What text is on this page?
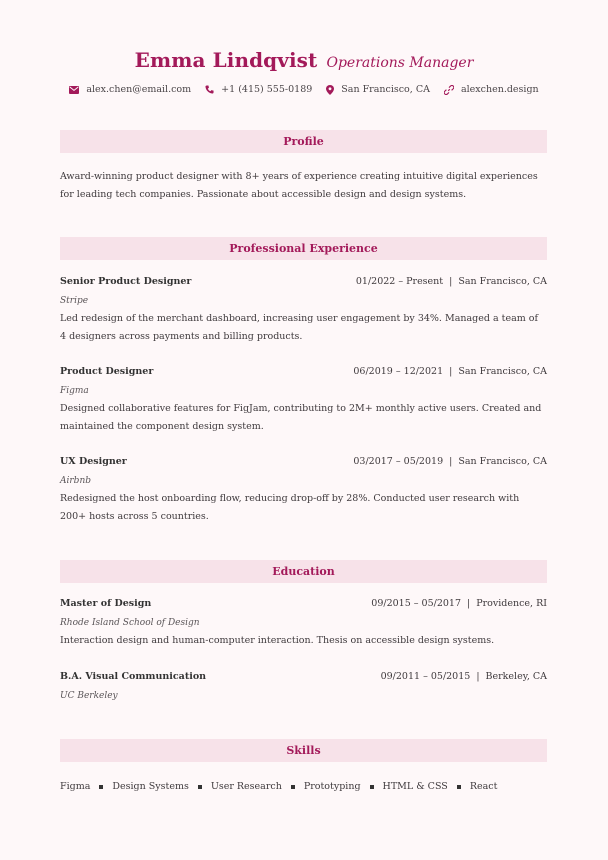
Emma Lindqvist Operations Manager
alex.chen@email.com	+1 (415) 555-0189	San Francisco, CA	alexchen.design
Profile
Award-winning product designer with 8+ years of experience creating intuitive digital experiences for leading tech companies. Passionate about accessible design and design systems.
Professional Experience
Senior Product Designer	01/2022 – Present | San Francisco, CA
Stripe
Led redesign of the merchant dashboard, increasing user engagement by 34%. Managed a team of 4 designers across payments and billing products.
Product Designer	06/2019 – 12/2021 | San Francisco, CA
Figma
Designed collaborative features for FigJam, contributing to 2M+ monthly active users. Created and maintained the component design system.
UX Designer	03/2017 – 05/2019 | San Francisco, CA
Airbnb
Redesigned the host onboarding flow, reducing drop-off by 28%. Conducted user research with 200+ hosts across 5 countries.
Education
Master of Design	09/2015 – 05/2017 | Providence, RI
Rhode Island School of Design
Interaction design and human-computer interaction. Thesis on accessible design systems.
B.A. Visual Communication	09/2011 – 05/2015 | Berkeley, CA
UC Berkeley
Skills
Figma Design Systems User Research Prototyping HTML & CSS React
